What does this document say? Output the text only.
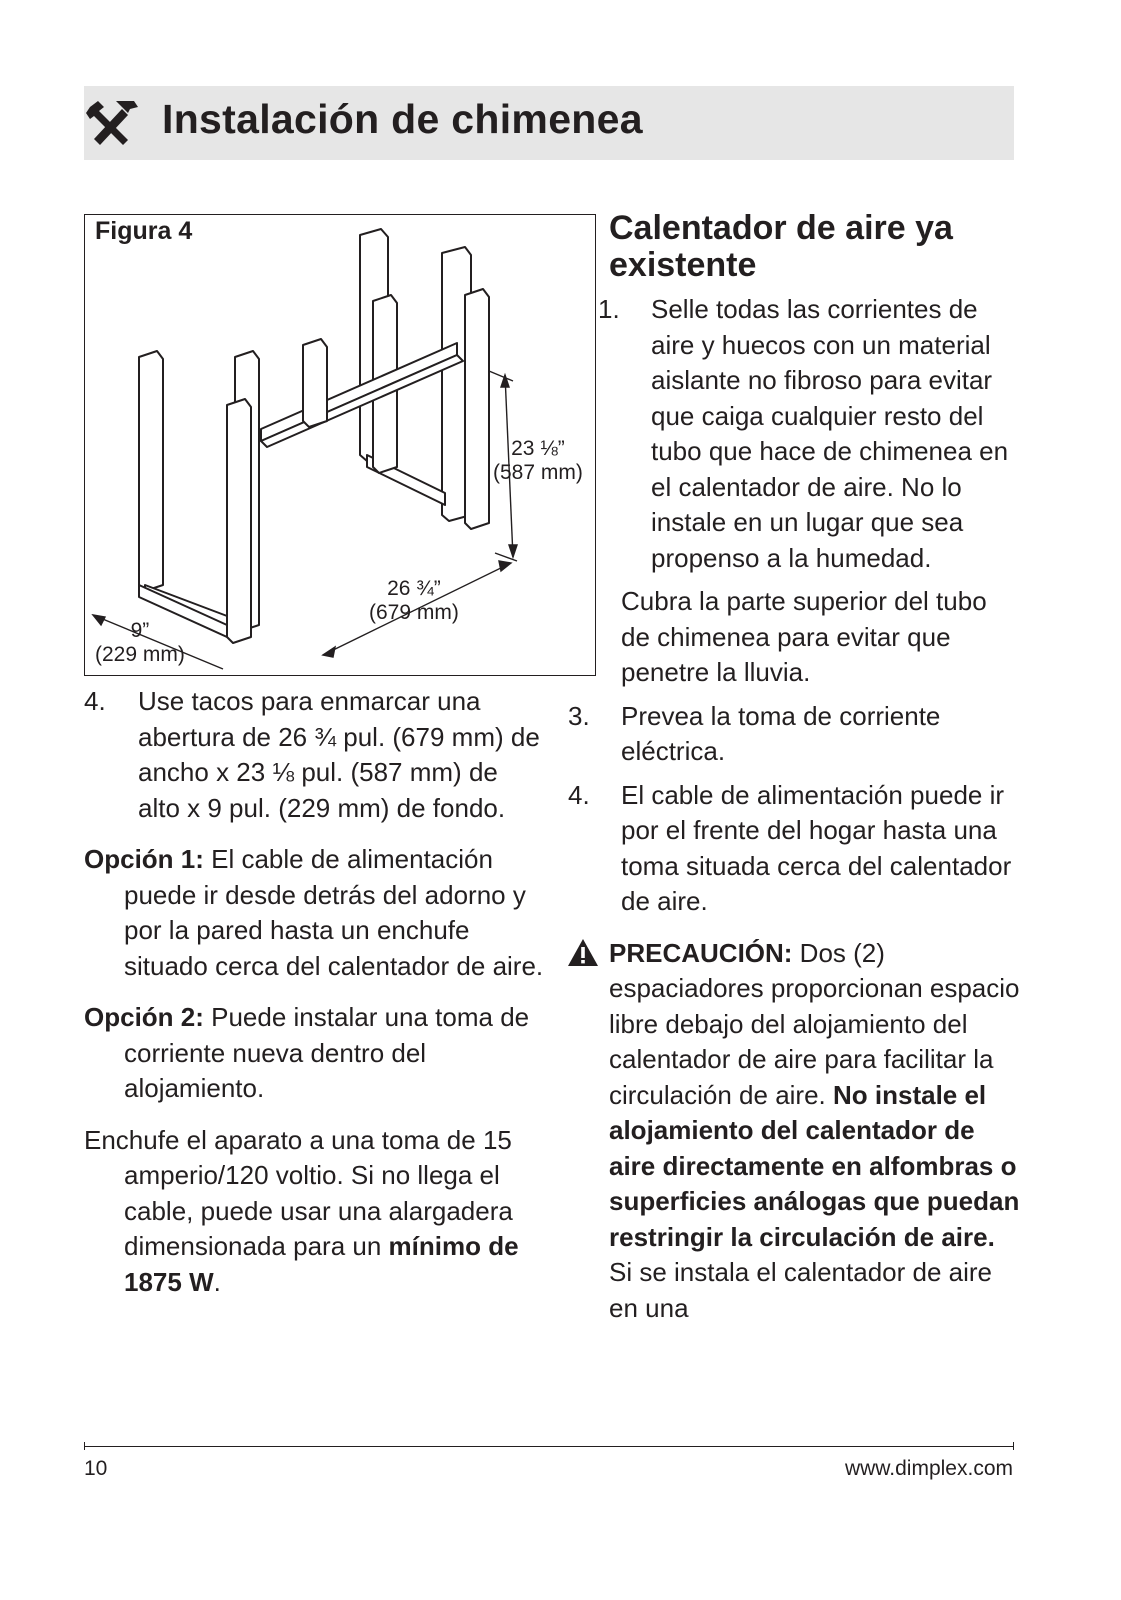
Instalación de chimenea
Figura 4
23 ⅛”
(587 mm)
26 ¾”
(679 mm)
9”
(229 mm)
4. Use tacos para enmarcar una abertura de 26 ¾ pul. (679 mm) de ancho x 23 ⅛ pul. (587 mm) de alto x 9 pul. (229 mm) de fondo.

Opción 1: El cable de alimentación puede ir desde detrás del adorno y por la pared hasta un enchufe situado cerca del calentador de aire.

Opción 2: Puede instalar una toma de corriente nueva dentro del alojamiento.

Enchufe el aparato a una toma de 15 amperio/120 voltio. Si no llega el cable, puede usar una alargadera dimensionada para un mínimo de 1875 W.

Calentador de aire ya existente
1. Selle todas las corrientes de aire y huecos con un material aislante no fibroso para evitar que caiga cualquier resto del tubo que hace de chimenea en el calentador de aire. No lo instale en un lugar que sea propenso a la humedad.
Cubra la parte superior del tubo de chimenea para evitar que penetre la lluvia.
3. Prevea la toma de corriente eléctrica.
4. El cable de alimentación puede ir por el frente del hogar hasta una toma situada cerca del calentador de aire.
PRECAUCIÓN: Dos (2) espaciadores proporcionan espacio libre debajo del alojamiento del calentador de aire para facilitar la circulación de aire. No instale el alojamiento del calentador de aire directamente en alfombras o superficies análogas que puedan restringir la circulación de aire. Si se instala el calentador de aire en una
10	www.dimplex.com
